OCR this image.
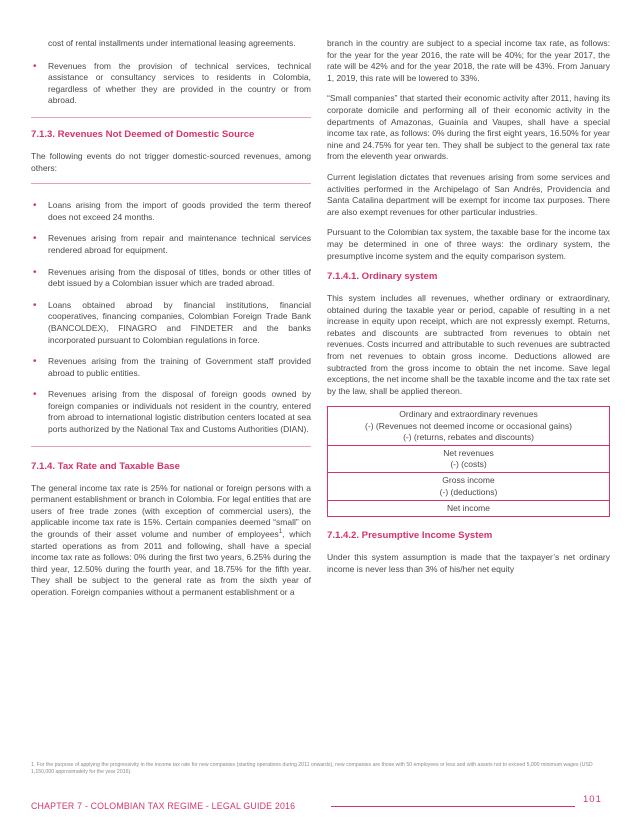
cost of rental installments under international leasing agreements.
• Revenues from the provision of technical services, technical assistance or consultancy services to residents in Colombia, regardless of whether they are provided in the country or from abroad.
7.1.3. Revenues Not Deemed of Domestic Source

The following events do not trigger domestic-sourced revenues, among others:

• Loans arising from the import of goods provided the term thereof does not exceed 24 months.
• Revenues arising from repair and maintenance technical services rendered abroad for equipment.
• Revenues arising from the disposal of titles, bonds or other titles of debt issued by a Colombian issuer which are traded abroad.
• Loans obtained abroad by financial institutions, financial cooperatives, financing companies, Colombian Foreign Trade Bank (BANCOLDEX), FINAGRO and FINDETER and the banks incorporated pursuant to Colombian regulations in force.
• Revenues arising from the training of Government staff provided abroad to public entities.
• Revenues arising from the disposal of foreign goods owned by foreign companies or individuals not resident in the country, entered from abroad to international logistic distribution centers located at sea ports authorized by the National Tax and Customs Authorities (DIAN).
7.1.4. Tax Rate and Taxable Base

The general income tax rate is 25% for national or foreign persons with a permanent establishment or branch in Colombia. For legal entities that are users of free trade zones (with exception of commercial users), the applicable income tax rate is 15%. Certain companies deemed “small” on the grounds of their asset volume and number of employees$^1$, which started operations as from 2011 and following, shall have a special income tax rate as follows: 0% during the first two years, 6.25% during the third year, 12.50% during the fourth year, and 18.75% for the fifth year. They shall be subject to the general rate as from the sixth year of operation. Foreign companies without a permanent establishment or a

branch in the country are subject to a special income tax rate, as follows: for the year for the year 2016, the rate will be 40%; for the year 2017, the rate will be 42% and for the year 2018, the rate will be 43%. From January 1, 2019, this rate will be lowered to 33%.

“Small companies” that started their economic activity after 2011, having its corporate domicile and performing all of their economic activity in the departments of Amazonas, Guainía and Vaupes, shall have a special income tax rate, as follows: 0% during the first eight years, 16.50% for year nine and 24.75% for year ten. They shall be subject to the general tax rate from the eleventh year onwards.

Current legislation dictates that revenues arising from some services and activities performed in the Archipelago of San Andrés, Providencia and Santa Catalina department will be exempt for income tax purposes. There are also exempt revenues for other particular industries.

Pursuant to the Colombian tax system, the taxable base for the income tax may be determined in one of three ways: the ordinary system, the presumptive income system and the equity comparison system.

7.1.4.1. Ordinary system

This system includes all revenues, whether ordinary or extraordinary, obtained during the taxable year or period, capable of resulting in a net increase in equity upon receipt, which are not expressly exempt. Returns, rebates and discounts are subtracted from revenues to obtain net revenues. Costs incurred and attributable to such revenues are subtracted from net revenues to obtain gross income. Deductions allowed are subtracted from the gross income to obtain the net income. Save legal exceptions, the net income shall be the taxable income and the tax rate set by the law, shall be applied thereon.

Ordinary and extraordinary revenues
(-) (Revenues not deemed income or occasional gains)
(-) (returns, rebates and discounts)
Net revenues
(-) (costs)
Gross income
(-) (deductions)
Net income
7.1.4.2. Presumptive Income System

Under this system assumption is made that the taxpayer’s net ordinary income is never less than 3% of his/her net equity

1. For the purpose of applying the progressivity in the income tax rate for new companies (starting operations during 2011 onwards), new companies are those with 50 employees or less and with assets not to exceed 5,000 minimum wages (USD 1,150,000 approximately for the year 2016).
CHAPTER 7 - COLOMBIAN TAX REGIME - LEGAL GUIDE 2016
101
